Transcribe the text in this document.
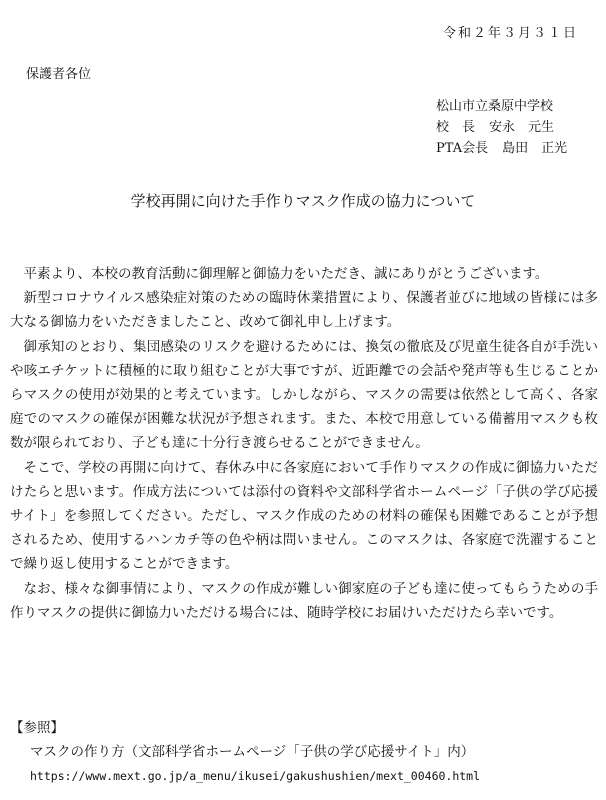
令和２年３月３１日
保護者各位
松山市立桑原中学校
校　長 安永　元生
PTA会長 島田　正光
学校再開に向けた手作りマスク作成の協力について

平素より、本校の教育活動に御理解と御協力をいただき、誠にありがとうございます。

新型コロナウイルス感染症対策のための臨時休業措置により、保護者並びに地域の皆様には多大なる御協力をいただきましたこと、改めて御礼申し上げます。

御承知のとおり、集団感染のリスクを避けるためには、換気の徹底及び児童生徒各自が手洗いや咳エチケットに積極的に取り組むことが大事ですが、近距離での会話や発声等も生じることからマスクの使用が効果的と考えています。しかしながら、マスクの需要は依然として高く、各家庭でのマスクの確保が困難な状況が予想されます。また、本校で用意している備蓄用マスクも枚数が限られており、子ども達に十分行き渡らせることができません。

そこで、学校の再開に向けて、春休み中に各家庭において手作りマスクの作成に御協力いただけたらと思います。作成方法については添付の資料や文部科学省ホームページ「子供の学び応援サイト」を参照してください。ただし、マスク作成のための材料の確保も困難であることが予想されるため、使用するハンカチ等の色や柄は問いません。このマスクは、各家庭で洗濯することで繰り返し使用することができます。

なお、様々な御事情により、マスクの作成が難しい御家庭の子ども達に使ってもらうための手作りマスクの提供に御協力いただける場合には、随時学校にお届けいただけたら幸いです。

【参照】

マスクの作り方（文部科学省ホームページ「子供の学び応援サイト」内）

https://www.mext.go.jp/a_menu/ikusei/gakushushien/mext_00460.html
